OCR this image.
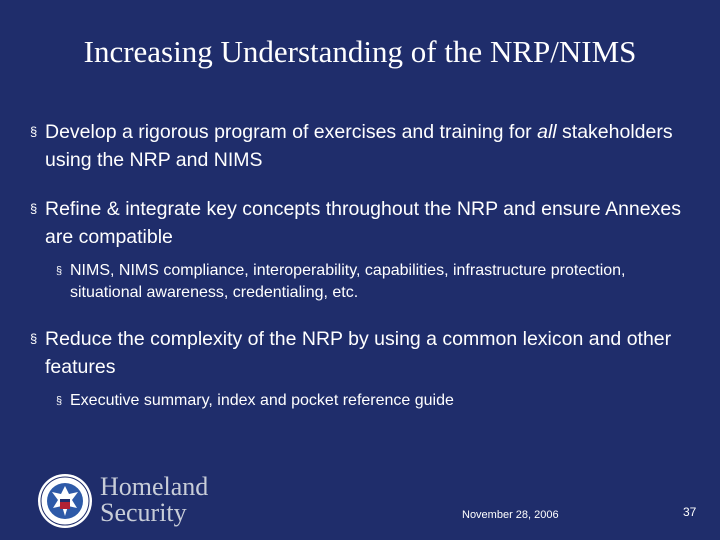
Increasing Understanding of the NRP/NIMS
§ Develop a rigorous program of exercises and training for all stakeholders using the NRP and NIMS
§ Refine & integrate key concepts throughout the NRP and ensure Annexes are compatible
§ NIMS, NIMS compliance, interoperability, capabilities, infrastructure protection, situational awareness, credentialing, etc.
§ Reduce the complexity of the NRP by using a common lexicon and other features
§ Executive summary, index and pocket reference guide
Homeland
Security	November 28, 2006	37
